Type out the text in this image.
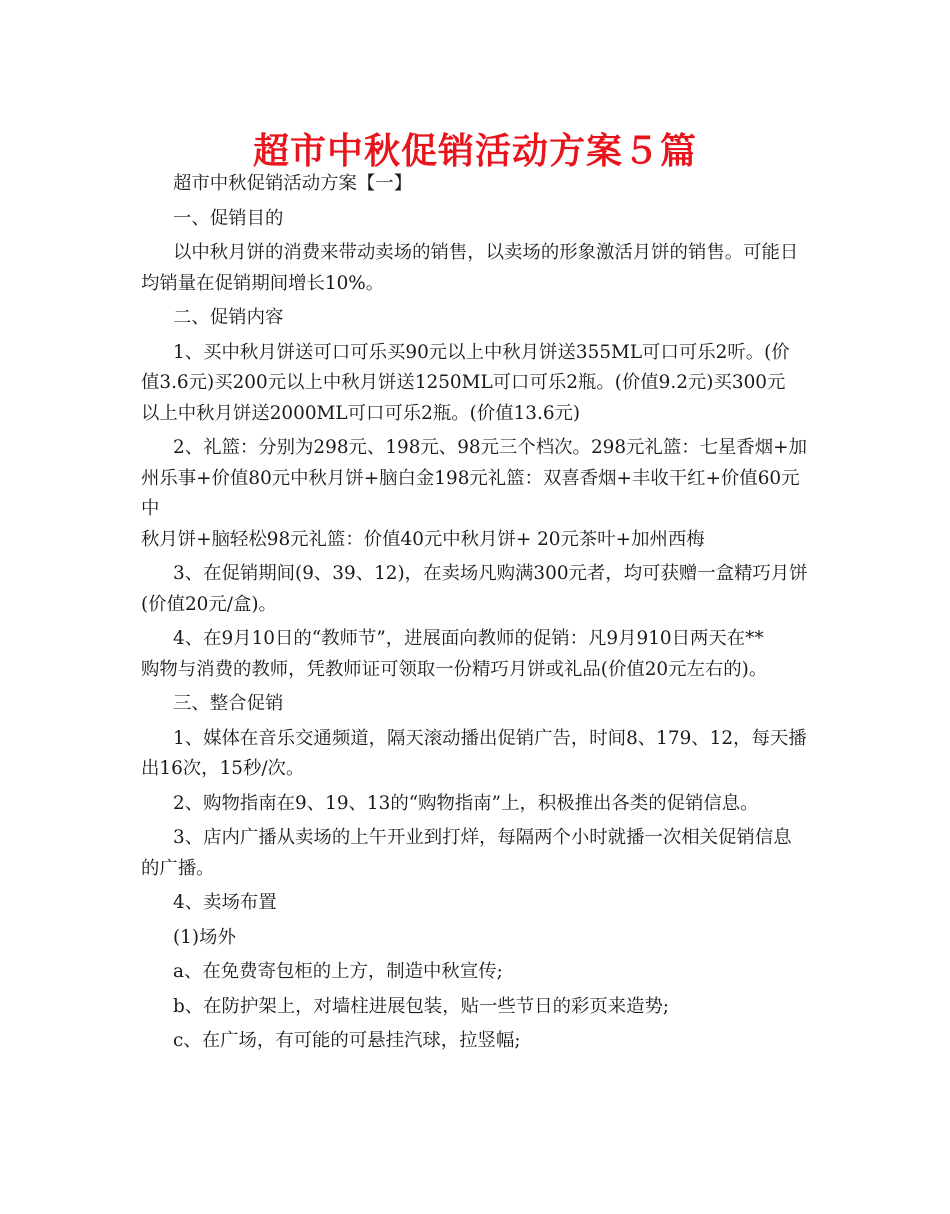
超市中秋促销活动方案５篇

超市中秋促销活动方案【一】

一、促销目的

以中秋月饼的消费来带动卖场的销售，以卖场的形象激活月饼的销售。可能日

均销量在促销期间增长10%。

二、促销内容

1、买中秋月饼送可口可乐买90元以上中秋月饼送355ML可口可乐2听。(价

值3.6元)买200元以上中秋月饼送1250ML可口可乐2瓶。(价值9.2元)买300元

以上中秋月饼送2000ML可口可乐2瓶。(价值13.6元)

2、礼篮：分别为298元、198元、98元三个档次。298元礼篮：七星香烟+加

州乐事+价值80元中秋月饼+脑白金198元礼篮：双喜香烟+丰收干红+价值60元中

秋月饼+脑轻松98元礼篮：价值40元中秋月饼+ 20元茶叶+加州西梅

3、在促销期间(9、39、12)，在卖场凡购满300元者，均可获赠一盒精巧月饼

(价值20元/盒)。

4、在9月10日的“教师节”，进展面向教师的促销：凡9月910日两天在**

购物与消费的教师，凭教师证可领取一份精巧月饼或礼品(价值20元左右的)。

三、整合促销

1、媒体在音乐交通频道，隔天滚动播出促销广告，时间8、179、12，每天播

出16次，15秒/次。

2、购物指南在9、19、13的“购物指南”上，积极推出各类的促销信息。

3、店内广播从卖场的上午开业到打烊，每隔两个小时就播一次相关促销信息

的广播。

4、卖场布置

(1)场外

a、在免费寄包柜的上方，制造中秋宣传;

b、在防护架上，对墙柱进展包装，贴一些节日的彩页来造势;

c、在广场，有可能的可悬挂汽球，拉竖幅;
